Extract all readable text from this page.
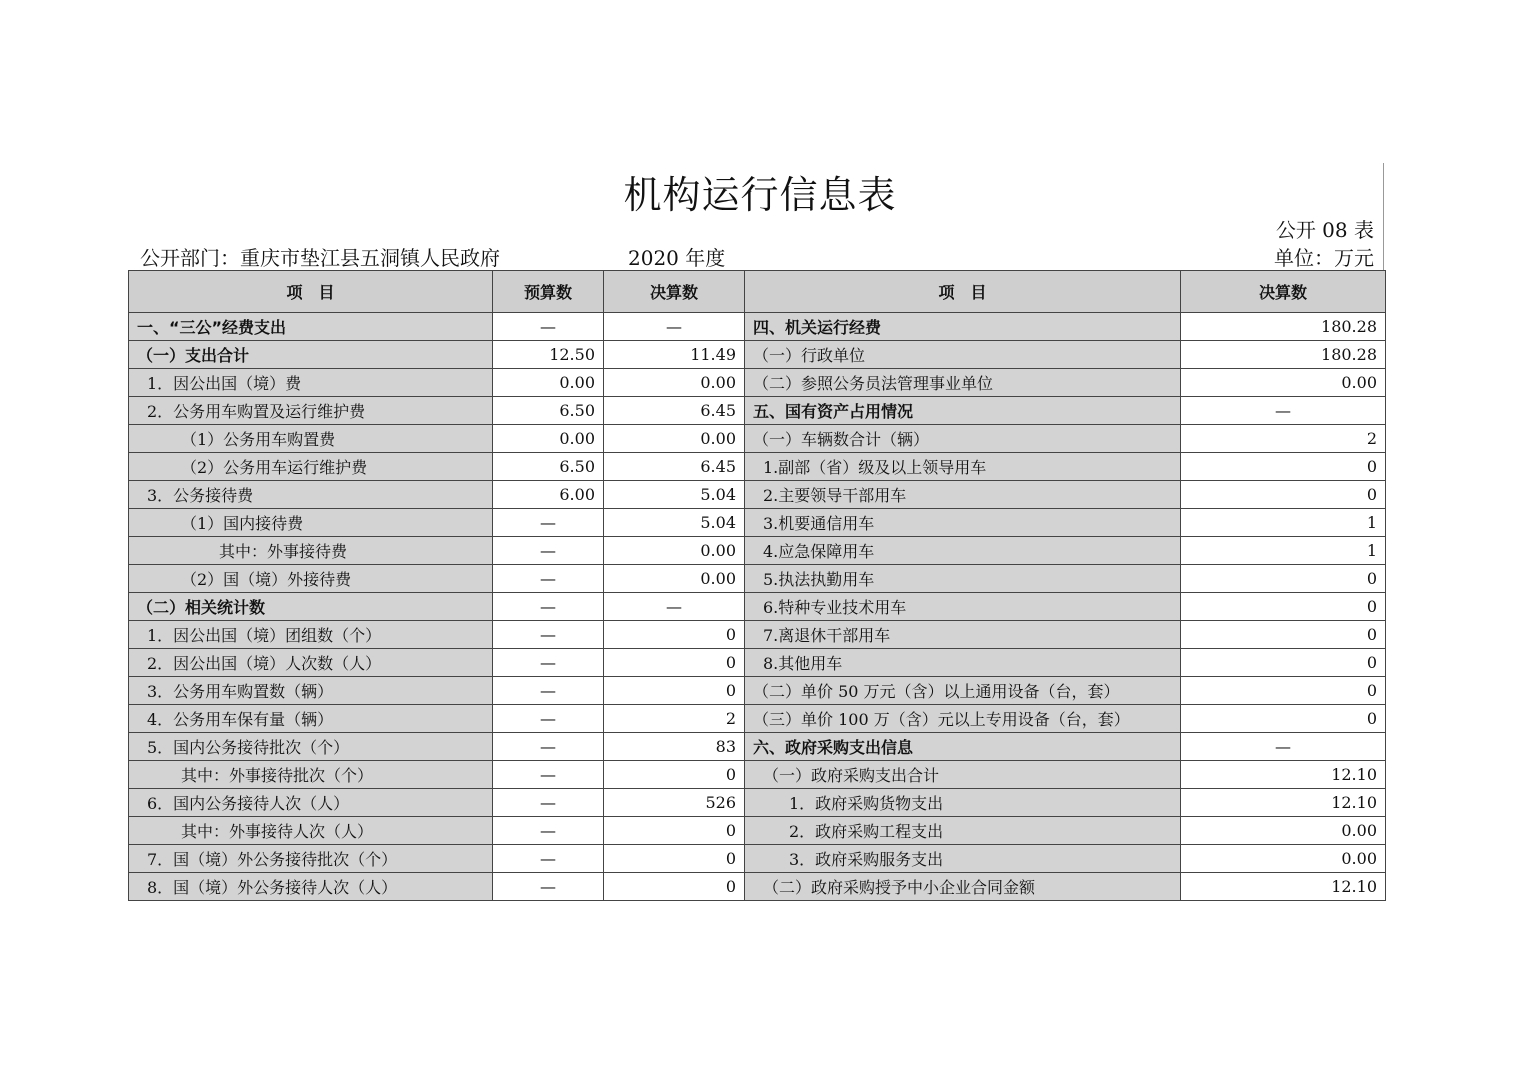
机构运行信息表
公开 08 表
公开部门：重庆市垫江县五洞镇人民政府	2020 年度	单位：万元
项　目	预算数	决算数	项　目	决算数
一、“三公”经费支出	—	—	四、机关运行经费	180.28
（一）支出合计	12.50	11.49	（一）行政单位	180.28
1．因公出国（境）费	0.00	0.00	（二）参照公务员法管理事业单位	0.00
2．公务用车购置及运行维护费	6.50	6.45	五、国有资产占用情况	—
（1）公务用车购置费	0.00	0.00	（一）车辆数合计（辆）	2
（2）公务用车运行维护费	6.50	6.45	1.副部（省）级及以上领导用车	0
3．公务接待费	6.00	5.04	2.主要领导干部用车	0
（1）国内接待费	—	5.04	3.机要通信用车	1
其中：外事接待费	—	0.00	4.应急保障用车	1
（2）国（境）外接待费	—	0.00	5.执法执勤用车	0
（二）相关统计数	—	—	6.特种专业技术用车	0
1．因公出国（境）团组数（个）	—	0	7.离退休干部用车	0
2．因公出国（境）人次数（人）	—	0	8.其他用车	0
3．公务用车购置数（辆）	—	0	（二）单价 50 万元（含）以上通用设备（台，套）	0
4．公务用车保有量（辆）	—	2	（三）单价 100 万（含）元以上专用设备（台，套）	0
5．国内公务接待批次（个）	—	83	六、政府采购支出信息	—
其中：外事接待批次（个）	—	0	（一）政府采购支出合计	12.10
6．国内公务接待人次（人）	—	526	1．政府采购货物支出	12.10
其中：外事接待人次（人）	—	0	2．政府采购工程支出	0.00
7．国（境）外公务接待批次（个）	—	0	3．政府采购服务支出	0.00
8．国（境）外公务接待人次（人）	—	0	（二）政府采购授予中小企业合同金额	12.10
